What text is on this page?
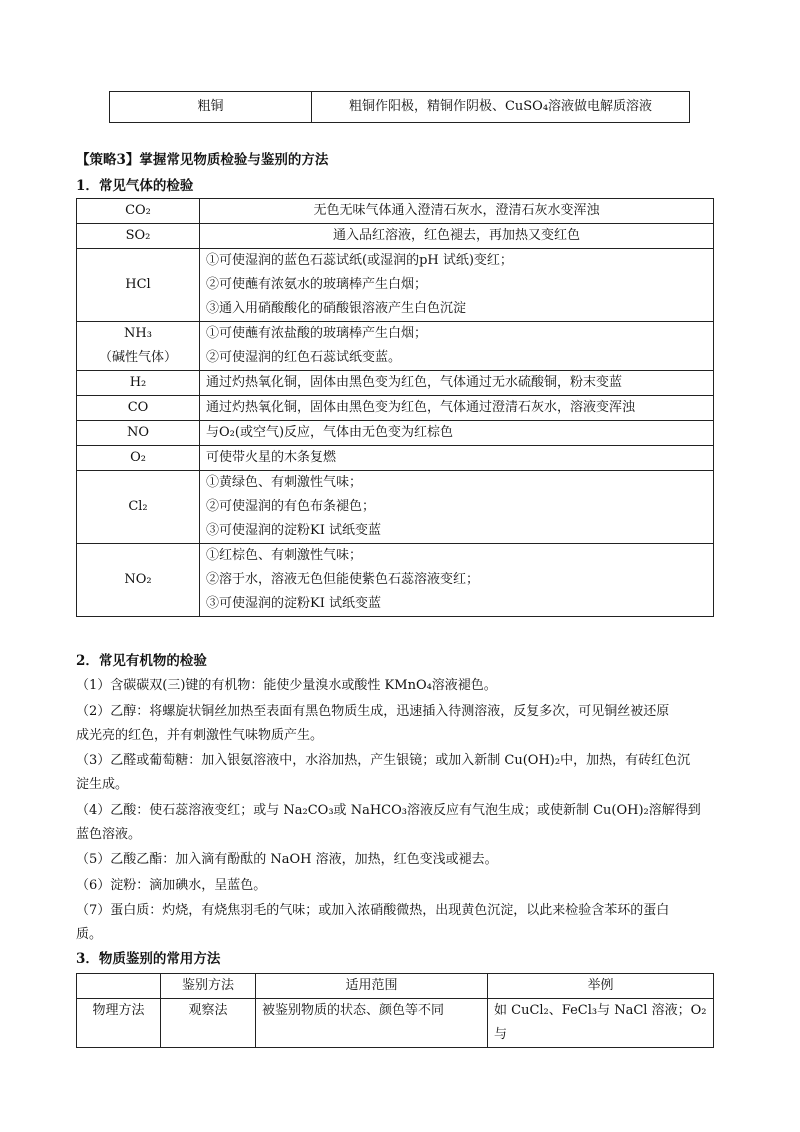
粗铜	粗铜作阳极，精铜作阴极、CuSO₄溶液做电解质溶液
【策略3】掌握常见物质检验与鉴别的方法
1．常见气体的检验
CO₂	无色无味气体通入澄清石灰水，澄清石灰水变浑浊

SO₂	通入品红溶液，红色褪去，再加热又变红色

HCl	①可使湿润的蓝色石蕊试纸(或湿润的pH 试纸)变红；
②可使蘸有浓氨水的玻璃棒产生白烟；
③通入用硝酸酸化的硝酸银溶液产生白色沉淀

NH₃
（碱性气体）	①可使蘸有浓盐酸的玻璃棒产生白烟；
②可使湿润的红色石蕊试纸变蓝。

H₂	通过灼热氧化铜，固体由黑色变为红色，气体通过无水硫酸铜，粉末变蓝

CO	通过灼热氧化铜，固体由黑色变为红色，气体通过澄清石灰水，溶液变浑浊

NO	与O₂(或空气)反应，气体由无色变为红棕色

O₂	可使带火星的木条复燃

Cl₂	①黄绿色、有刺激性气味；
②可使湿润的有色布条褪色；
③可使湿润的淀粉KI 试纸变蓝

NO₂	①红棕色、有刺激性气味；
②溶于水，溶液无色但能使紫色石蕊溶液变红；
③可使湿润的淀粉KI 试纸变蓝
2．常见有机物的检验
（1）含碳碳双(三)键的有机物：能使少量溴水或酸性 KMnO₄溶液褪色。
（2）乙醇：将螺旋状铜丝加热至表面有黑色物质生成，迅速插入待测溶液，反复多次，可见铜丝被还原
成光亮的红色，并有刺激性气味物质产生。
（3）乙醛或葡萄糖：加入银氨溶液中，水浴加热，产生银镜；或加入新制 Cu(OH)₂中，加热，有砖红色沉
淀生成。
（4）乙酸：使石蕊溶液变红；或与 Na₂CO₃或 NaHCO₃溶液反应有气泡生成；或使新制 Cu(OH)₂溶解得到
蓝色溶液。
（5）乙酸乙酯：加入滴有酚酞的 NaOH 溶液，加热，红色变浅或褪去。
（6）淀粉：滴加碘水，呈蓝色。
（7）蛋白质：灼烧，有烧焦羽毛的气味；或加入浓硝酸微热，出现黄色沉淀，以此来检验含苯环的蛋白
质。
3．物质鉴别的常用方法
	鉴别方法	适用范围	举例
物理方法	观察法	被鉴别物质的状态、颜色等不同	如 CuCl₂、FeCl₃与 NaCl 溶液；O₂与
